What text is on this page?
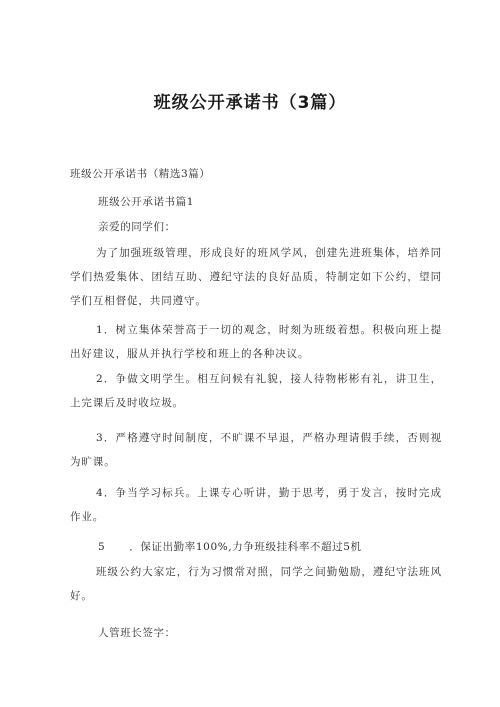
班级公开承诺书（3篇）
班级公开承诺书（精选3篇）
班级公开承诺书篇1
亲爱的同学们：
为了加强班级管理，形成良好的班风学风，创建先进班集体，培养同学们热爱集体、团结互助、遵纪守法的良好品质，特制定如下公约，望同学们互相督促，共同遵守。
1．树立集体荣誉高于一切的观念，时刻为班级着想。积极向班上提出好建议，服从并执行学校和班上的各种决议。
2．争做文明学生。相互问候有礼貌，接人待物彬彬有礼，讲卫生，上完课后及时收垃圾。
3．严格遵守时间制度，不旷课不早退，严格办理请假手续，否则视为旷课。
4．争当学习标兵。上课专心听讲，勤于思考，勇于发言，按时完成作业。
5 ．保证出勤率100%,力争班级挂科率不超过5机
班级公约大家定，行为习惯常对照，同学之间勤勉励，遵纪守法班风好。
人管班长签字：
